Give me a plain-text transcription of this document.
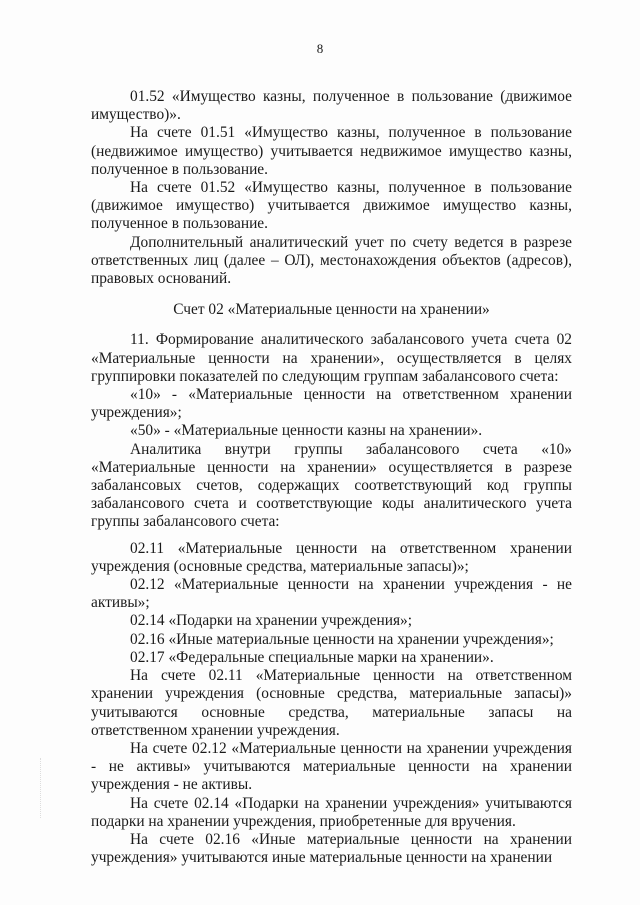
8

01.52 «Имущество казны, полученное в пользование (движимое имущество)».

На счете 01.51 «Имущество казны, полученное в пользование (недвижимое имущество) учитывается недвижимое имущество казны, полученное в пользование.

На счете 01.52 «Имущество казны, полученное в пользование (движимое имущество) учитывается движимое имущество казны, полученное в пользование.

Дополнительный аналитический учет по счету ведется в разрезе ответственных лиц (далее – ОЛ), местонахождения объектов (адресов), правовых оснований.

Счет 02 «Материальные ценности на хранении»

11. Формирование аналитического забалансового учета счета 02 «Материальные ценности на хранении», осуществляется в целях группировки показателей по следующим группам забалансового счета:

«10» - «Материальные ценности на ответственном хранении учреждения»;

«50» - «Материальные ценности казны на хранении».

Аналитика внутри группы забалансового счета «10» «Материальные ценности на хранении» осуществляется в разрезе забалансовых счетов, содержащих соответствующий код группы забалансового счета и соответствующие коды аналитического учета группы забалансового счета:

02.11 «Материальные ценности на ответственном хранении учреждения (основные средства, материальные запасы)»;

02.12 «Материальные ценности на хранении учреждения - не активы»;

02.14 «Подарки на хранении учреждения»;

02.16 «Иные материальные ценности на хранении учреждения»;

02.17 «Федеральные специальные марки на хранении».

На счете 02.11 «Материальные ценности на ответственном хранении учреждения (основные средства, материальные запасы)» учитываются основные средства, материальные запасы на ответственном хранении учреждения.

На счете 02.12 «Материальные ценности на хранении учреждения - не активы» учитываются материальные ценности на хранении учреждения - не активы.

На счете 02.14 «Подарки на хранении учреждения» учитываются подарки на хранении учреждения, приобретенные для вручения.

На счете 02.16 «Иные материальные ценности на хранении учреждения» учитываются иные материальные ценности на хранении
